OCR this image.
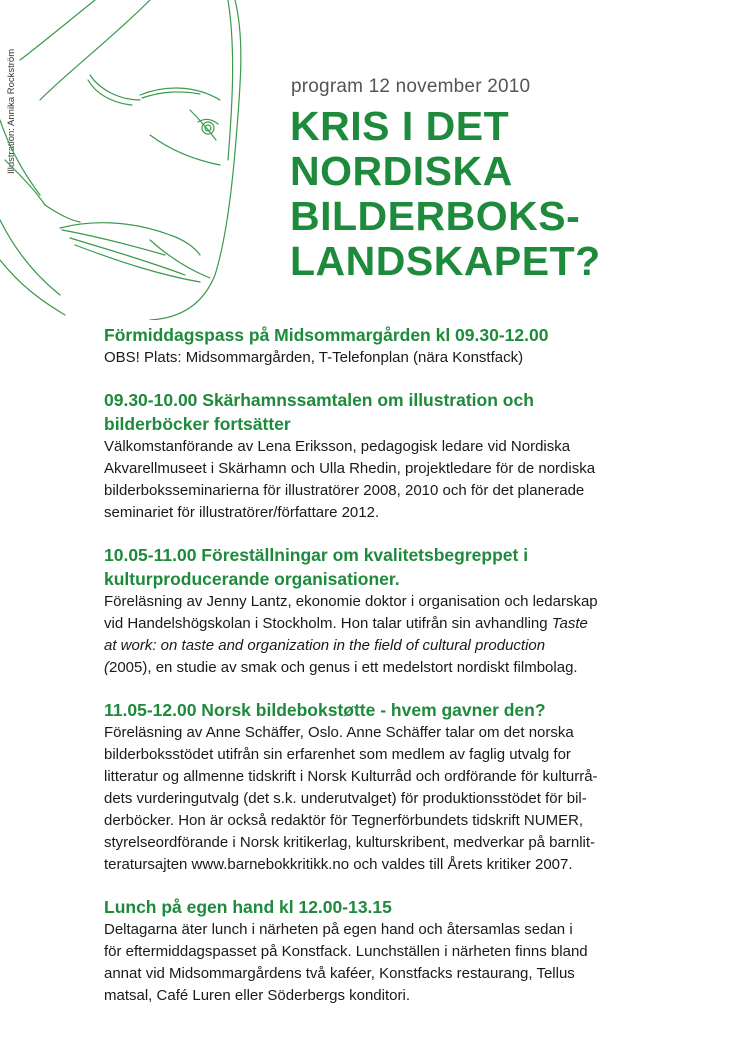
Illustration: Annika Rockström	program 12 november 2010
KRIS I DET
NORDISKA
BILDERBOKS-
LANDSKAPET?
Förmiddagspass på Midsommargården kl 09.30-12.00

OBS! Plats: Midsommargården, T-Telefonplan (nära Konstfack)

09.30-10.00 Skärhamnssamtalen om illustration och
bilderböcker fortsätter

Välkomstanförande av Lena Eriksson, pedagogisk ledare vid Nordiska
Akvarellmuseet i Skärhamn och Ulla Rhedin, projektledare för de nordiska
bilderboksseminarierna för illustratörer 2008, 2010 och för det planerade
seminariet för illustratörer/författare 2012.

10.05-11.00 Föreställningar om kvalitetsbegreppet i
kulturproducerande organisationer.

Föreläsning av Jenny Lantz, ekonomie doktor i organisation och ledarskap
vid Handelshögskolan i Stockholm. Hon talar utifrån sin avhandling Taste
at work: on taste and organization in the field of cultural production
(2005), en studie av smak och genus i ett medelstort nordiskt filmbolag.

11.05-12.00 Norsk bildebokstøtte - hvem gavner den?

Föreläsning av Anne Schäffer, Oslo. Anne Schäffer talar om det norska
bilderboksstödet utifrån sin erfarenhet som medlem av faglig utvalg for
litteratur og allmenne tidskrift i Norsk Kulturråd och ordförande för kulturrå-
dets vurderingutvalg (det s.k. underutvalget) för produktionsstödet för bil-
derböcker. Hon är också redaktör för Tegnerförbundets tidskrift NUMER,
styrelseordförande i Norsk kritikerlag, kulturskribent, medverkar på barnlit-
teratursajten www.barnebokkritikk.no och valdes till Årets kritiker 2007.

Lunch på egen hand kl 12.00-13.15

Deltagarna äter lunch i närheten på egen hand och återsamlas sedan i
för eftermiddagspasset på Konstfack. Lunchställen i närheten finns bland
annat vid Midsommargårdens två kaféer, Konstfacks restaurang, Tellus
matsal, Café Luren eller Söderbergs konditori.
